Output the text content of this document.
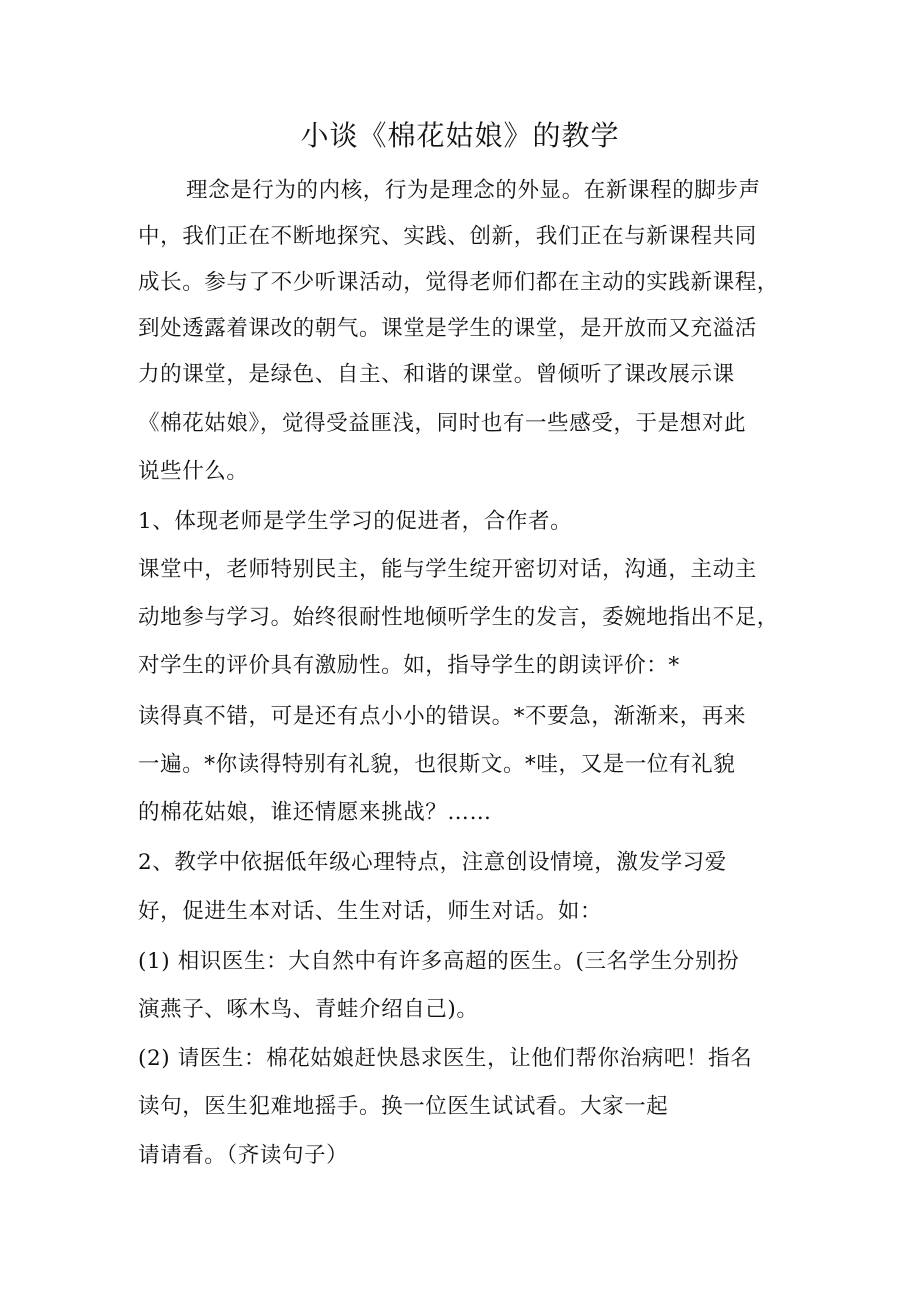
小谈《棉花姑娘》的教学
理念是行为的内核，行为是理念的外显。在新课程的脚步声
中，我们正在不断地探究、实践、创新，我们正在与新课程共同
成长。参与了不少听课活动，觉得老师们都在主动的实践新课程，
到处透露着课改的朝气。课堂是学生的课堂，是开放而又充溢活
力的课堂，是绿色、自主、和谐的课堂。曾倾听了课改展示课
《棉花姑娘》，觉得受益匪浅，同时也有一些感受，于是想对此
说些什么。
1、体现老师是学生学习的促进者，合作者。
课堂中，老师特别民主，能与学生绽开密切对话，沟通，主动主
动地参与学习。始终很耐性地倾听学生的发言，委婉地指出不足，
对学生的评价具有激励性。如，指导学生的朗读评价：*
读得真不错，可是还有点小小的错误。*不要急，渐渐来，再来
一遍。*你读得特别有礼貌，也很斯文。*哇，又是一位有礼貌
的棉花姑娘，谁还情愿来挑战？……
2、教学中依据低年级心理特点，注意创设情境，激发学习爱
好，促进生本对话、生生对话，师生对话。如：
(1) 相识医生：大自然中有许多高超的医生。(三名学生分别扮
演燕子、啄木鸟、青蛙介绍自己)。
(2) 请医生：棉花姑娘赶快恳求医生，让他们帮你治病吧！指名
读句，医生犯难地摇手。换一位医生试试看。大家一起
请请看。（齐读句子）
